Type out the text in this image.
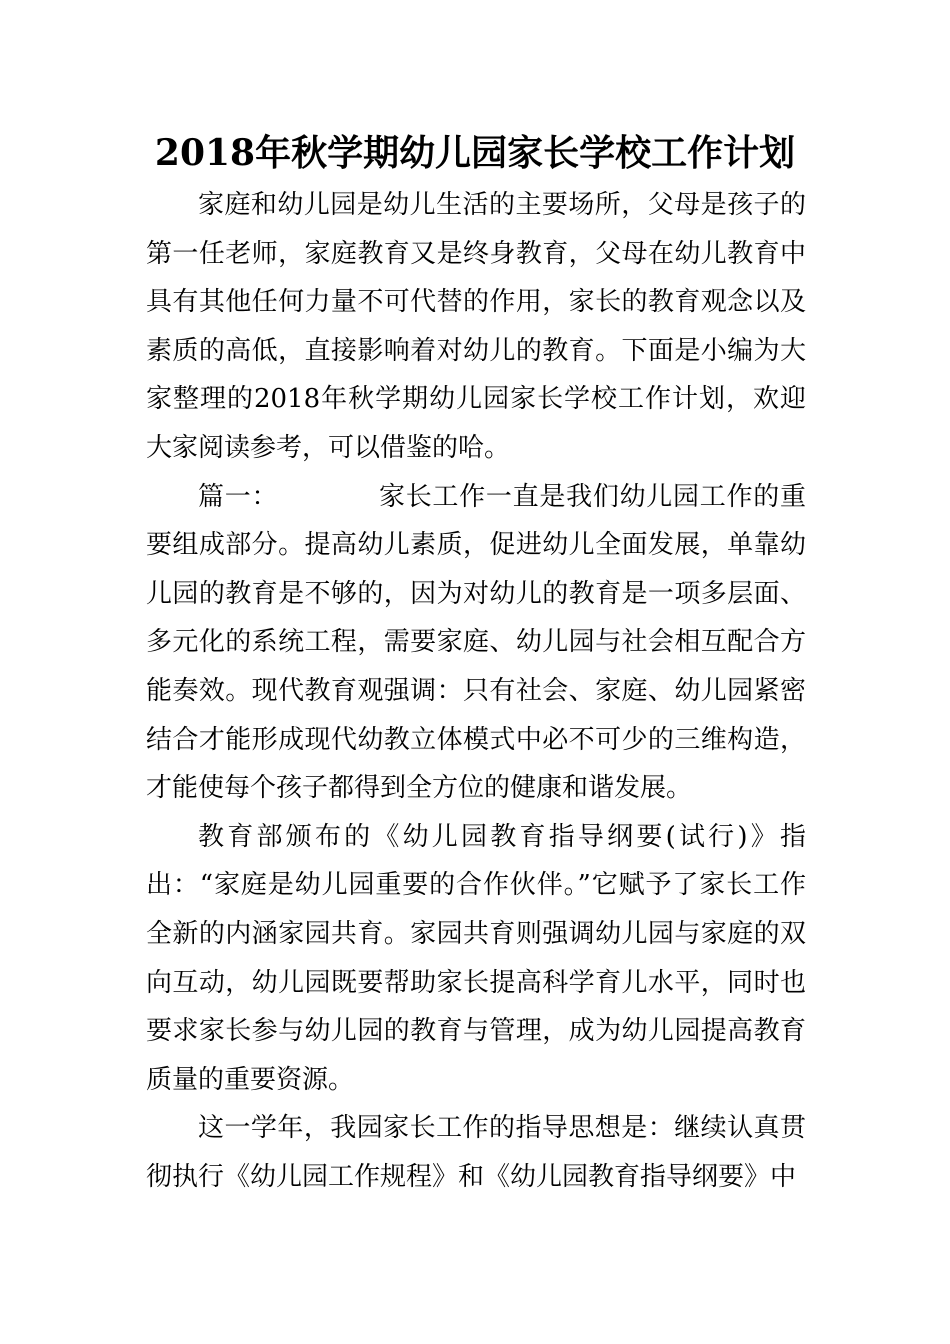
2018年秋学期幼儿园家长学校工作计划

家庭和幼儿园是幼儿生活的主要场所，父母是孩子的第一任老师，家庭教育又是终身教育，父母在幼儿教育中具有其他任何力量不可代替的作用，家长的教育观念以及素质的高低，直接影响着对幼儿的教育。下面是小编为大家整理的2018年秋学期幼儿园家长学校工作计划，欢迎大家阅读参考，可以借鉴的哈。

篇一：	家长工作一直是我们幼儿园工作的重要组成部分。提高幼儿素质，促进幼儿全面发展，单靠幼儿园的教育是不够的，因为对幼儿的教育是一项多层面、多元化的系统工程，需要家庭、幼儿园与社会相互配合方能奏效。现代教育观强调：只有社会、家庭、幼儿园紧密结合才能形成现代幼教立体模式中必不可少的三维构造，才能使每个孩子都得到全方位的健康和谐发展。

教育部颁布的《幼儿园教育指导纲要(试行)》指出：“家庭是幼儿园重要的合作伙伴。”它赋予了家长工作全新的内涵家园共育。家园共育则强调幼儿园与家庭的双向互动，幼儿园既要帮助家长提高科学育儿水平，同时也要求家长参与幼儿园的教育与管理，成为幼儿园提高教育质量的重要资源。

这一学年，我园家长工作的指导思想是：继续认真贯彻执行《幼儿园工作规程》和《幼儿园教育指导纲要》中
